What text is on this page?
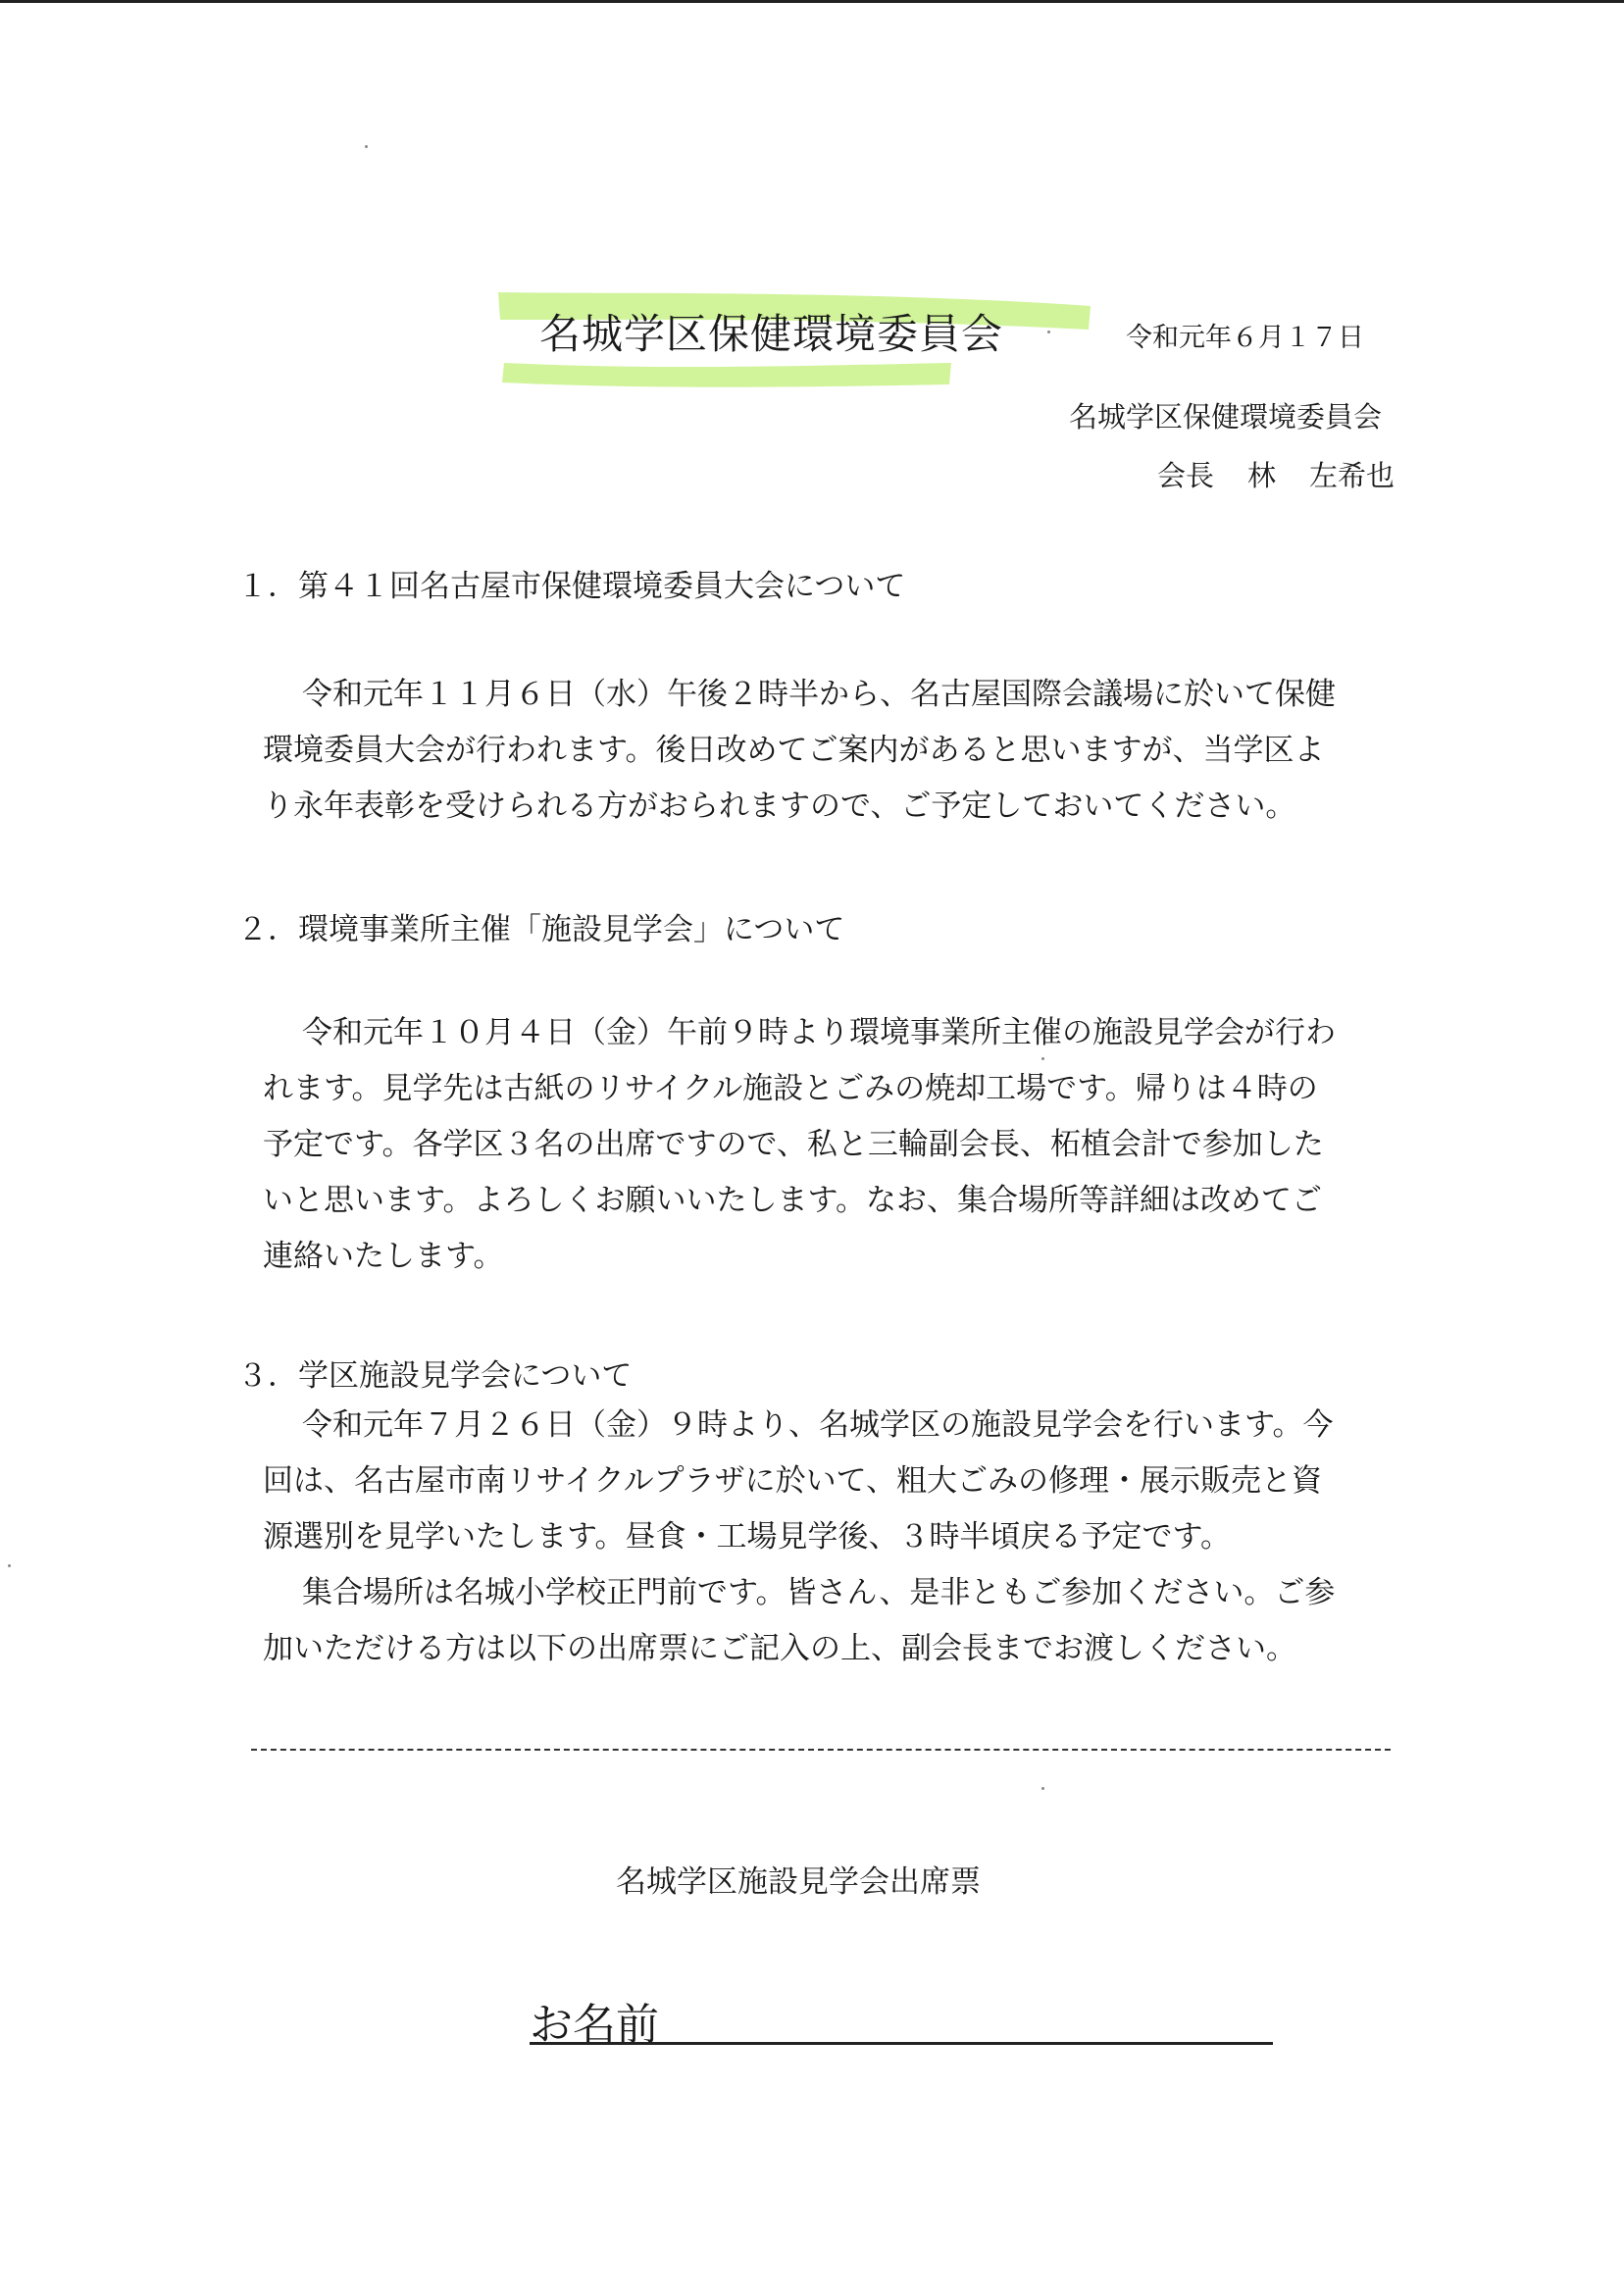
名城学区保健環境委員会	令和元年６月１７日
名城学区保健環境委員会
会長 林 左希也
１．第４１回名古屋市保健環境委員大会について
令和元年１１月６日（水）午後２時半から、名古屋国際会議場に於いて保健
環境委員大会が行われます。後日改めてご案内があると思いますが、当学区よ
り永年表彰を受けられる方がおられますので、ご予定しておいてください。
２．環境事業所主催「施設見学会」について
令和元年１０月４日（金）午前９時より環境事業所主催の施設見学会が行わ
れます。見学先は古紙のリサイクル施設とごみの焼却工場です。帰りは４時の
予定です。各学区３名の出席ですので、私と三輪副会長、柘植会計で参加した
いと思います。よろしくお願いいたします。なお、集合場所等詳細は改めてご
連絡いたします。
３．学区施設見学会について
令和元年７月２６日（金）９時より、名城学区の施設見学会を行います。今
回は、名古屋市南リサイクルプラザに於いて、粗大ごみの修理・展示販売と資
源選別を見学いたします。昼食・工場見学後、３時半頃戻る予定です。
集合場所は名城小学校正門前です。皆さん、是非ともご参加ください。ご参
加いただける方は以下の出席票にご記入の上、副会長までお渡しください。
名城学区施設見学会出席票
お名前
